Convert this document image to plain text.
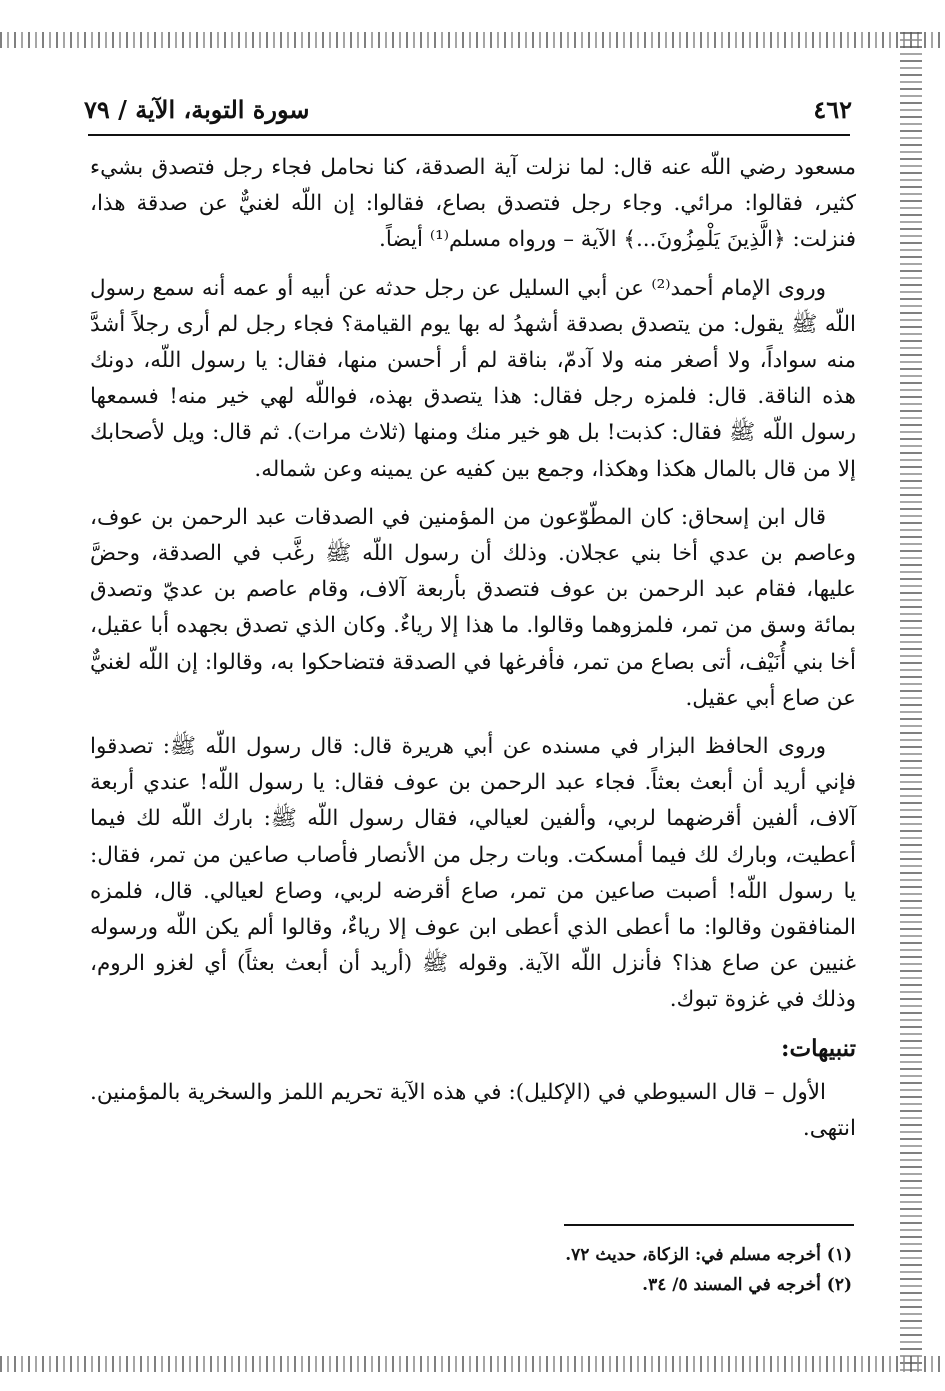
٤٦٢
سورة التوبة، الآية / ٧٩

مسعود رضي اللّه عنه قال: لما نزلت آية الصدقة، كنا نحامل فجاء رجل فتصدق بشيء كثير، فقالوا: مرائي. وجاء رجل فتصدق بصاع، فقالوا: إن اللّه لغنيٌّ عن صدقة هذا، فنزلت: ﴿الَّذِينَ يَلْمِزُونَ...﴾ الآية – ورواه مسلم⁽¹⁾ أيضاً.

وروى الإمام أحمد⁽²⁾ عن أبي السليل عن رجل حدثه عن أبيه أو عمه أنه سمع رسول اللّه ﷺ يقول: من يتصدق بصدقة أشهدُ له بها يوم القيامة؟ فجاء رجل لم أرى رجلاً أشدَّ منه سواداً، ولا أصغر منه ولا آدمّ، بناقة لم أر أحسن منها، فقال: يا رسول اللّه، دونك هذه الناقة. قال: فلمزه رجل فقال: هذا يتصدق بهذه، فواللّه لهي خير منه! فسمعها رسول اللّه ﷺ فقال: كذبت! بل هو خير منك ومنها (ثلاث مرات). ثم قال: ويل لأصحابك إلا من قال بالمال هكذا وهكذا، وجمع بين كفيه عن يمينه وعن شماله.

قال ابن إسحاق: كان المطّوّعون من المؤمنين في الصدقات عبد الرحمن بن عوف، وعاصم بن عدي أخا بني عجلان. وذلك أن رسول اللّه ﷺ رغَّب في الصدقة، وحضَّ عليها، فقام عبد الرحمن بن عوف فتصدق بأربعة آلاف، وقام عاصم بن عديّ وتصدق بمائة وسق من تمر، فلمزوهما وقالوا. ما هذا إلا رياءٌ. وكان الذي تصدق بجهده أبا عقيل، أخا بني أُنَيْف، أتى بصاع من تمر، فأفرغها في الصدقة فتضاحكوا به، وقالوا: إن اللّه لغنيٌّ عن صاع أبي عقيل.

وروى الحافظ البزار في مسنده عن أبي هريرة قال: قال رسول اللّه ﷺ: تصدقوا فإني أريد أن أبعث بعثاً. فجاء عبد الرحمن بن عوف فقال: يا رسول اللّه! عندي أربعة آلاف، ألفين أقرضهما لربي، وألفين لعيالي، فقال رسول اللّه ﷺ: بارك اللّه لك فيما أعطيت، وبارك لك فيما أمسكت. وبات رجل من الأنصار فأصاب صاعين من تمر، فقال: يا رسول اللّه! أصبت صاعين من تمر، صاع أقرضه لربي، وصاع لعيالي. قال، فلمزه المنافقون وقالوا: ما أعطى الذي أعطى ابن عوف إلا رياءٌ، وقالوا ألم يكن اللّه ورسوله غنيين عن صاع هذا؟ فأنزل اللّه الآية. وقوله ﷺ (أريد أن أبعث بعثاً) أي لغزو الروم، وذلك في غزوة تبوك.

تنبيهات:

الأول – قال السيوطي في (الإكليل): في هذه الآية تحريم اللمز والسخرية بالمؤمنين. انتهى.

(١) أخرجه مسلم في: الزكاة، حديث ٧٢.
(٢) أخرجه في المسند ٥/ ٣٤.
